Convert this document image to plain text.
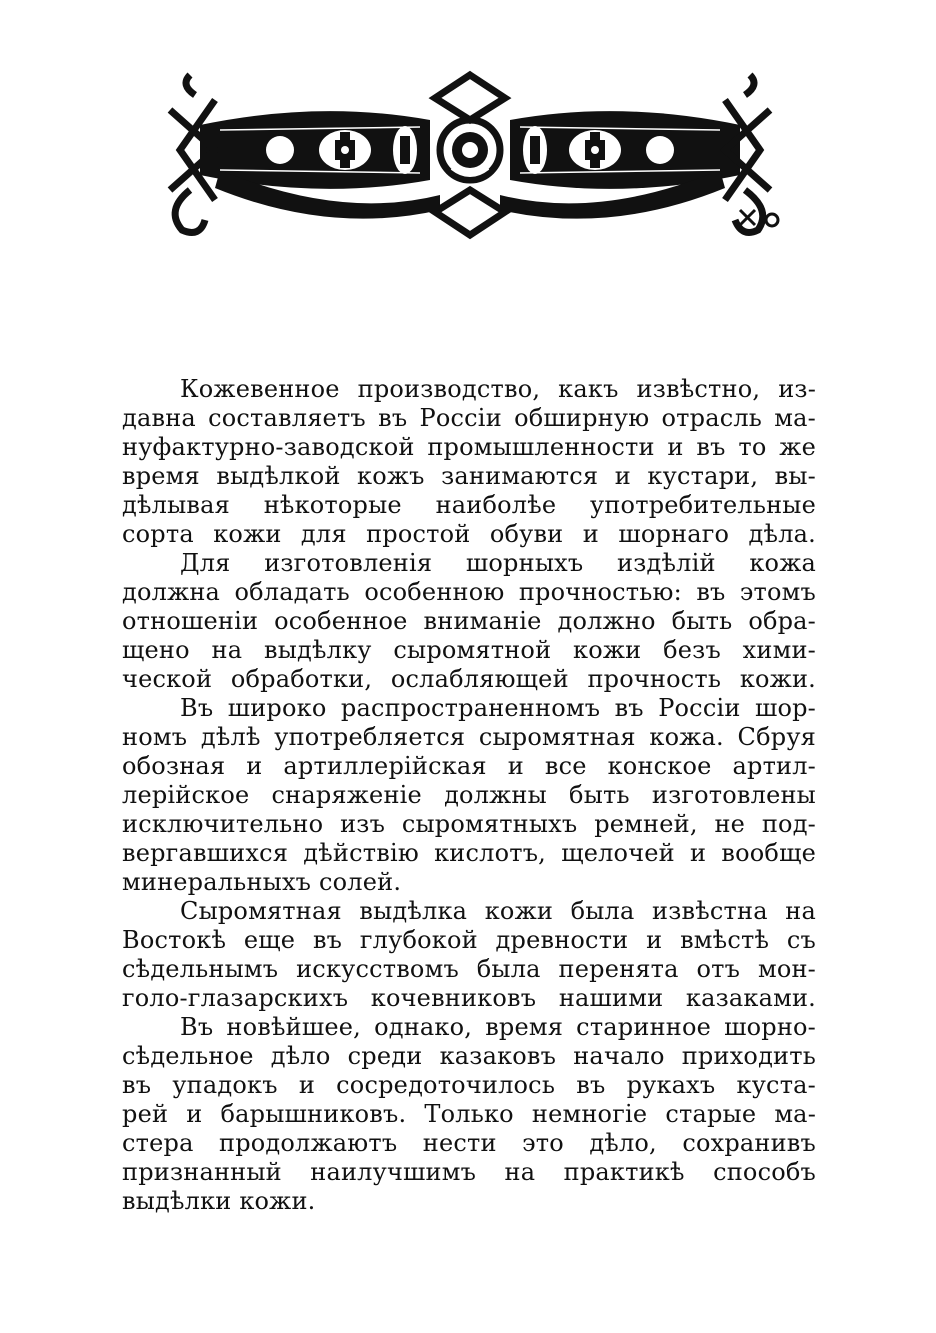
Кожевенное производство, какъ извѣстно, из-
давна составляетъ въ Россіи обширную отрасль ма-
нуфактурно-заводской промышленности и въ то же
время выдѣлкой кожъ занимаются и кустари, вы-
дѣлывая нѣкоторые наиболѣе употребительные
сорта кожи для простой обуви и шорнаго дѣла.
Для изготовленія шорныхъ издѣлій кожа
должна обладать особенною прочностью: въ этомъ
отношеніи особенное вниманіе должно быть обра-
щено на выдѣлку сыромятной кожи безъ хими-
ческой обработки, ослабляющей прочность кожи.
Въ широко распространенномъ въ Россіи шор-
номъ дѣлѣ употребляется сыромятная кожа. Сбруя
обозная и артиллерійская и все конское артил-
лерійское снаряженіе должны быть изготовлены
исключительно изъ сыромятныхъ ремней, не под-
вергавшихся дѣйствію кислотъ, щелочей и вообще
минеральныхъ солей.
Сыромятная выдѣлка кожи была извѣстна на
Востокѣ еще въ глубокой древности и вмѣстѣ съ
сѣдельнымъ искусствомъ была перенята отъ мон-
голо-глазарскихъ кочевниковъ нашими казаками.
Въ новѣйшее, однако, время старинное шорно-
сѣдельное дѣло среди казаковъ начало приходить
въ упадокъ и сосредоточилось въ рукахъ куста-
рей и барышниковъ. Только немногіе старые ма-
стера продолжаютъ нести это дѣло, сохранивъ
признанный наилучшимъ на практикѣ способъ
выдѣлки кожи.
